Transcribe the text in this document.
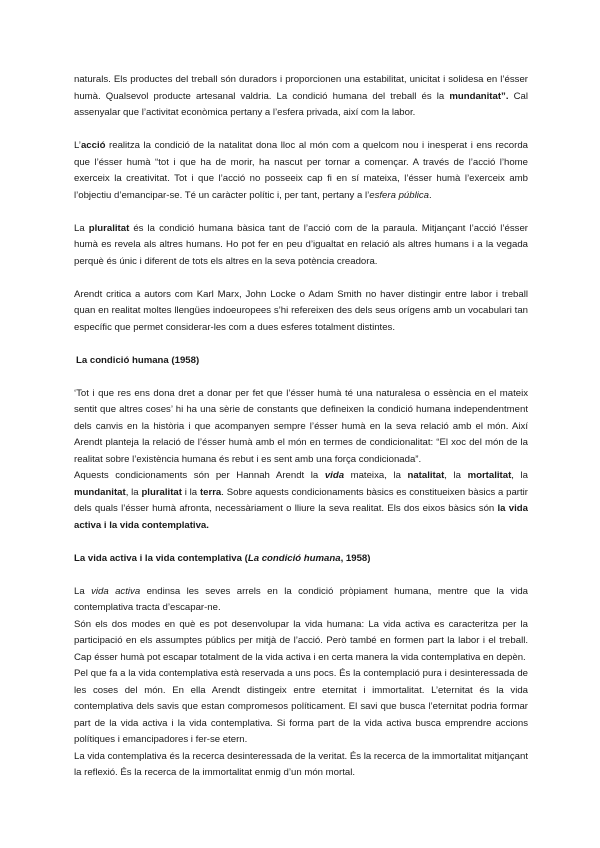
naturals. Els productes del treball són duradors i proporcionen una estabilitat, unicitat i solidesa en l’ésser humà. Qualsevol producte artesanal valdria. La condició humana del treball és la mundanitat”. Cal assenyalar que l’activitat econòmica pertany a l’esfera privada, així com la labor.

L’acció realitza la condició de la natalitat dona lloc al món com a quelcom nou i inesperat i ens recorda que l’ésser humà “tot i que ha de morir, ha nascut per tornar a començar. A través de l’acció l’home exerceix la creativitat. Tot i que l’acció no posseeix cap fi en sí mateixa, l’ésser humà l’exerceix amb l’objectiu d’emancipar-se. Té un caràcter polític i, per tant, pertany a l’esfera pública.

La pluralitat és la condició humana bàsica tant de l’acció com de la paraula. Mitjançant l’acció l’ésser humà es revela als altres humans. Ho pot fer en peu d’igualtat en relació als altres humans i a la vegada perquè és únic i diferent de tots els altres en la seva potència creadora.

Arendt critica a autors com Karl Marx, John Locke o Adam Smith no haver distingir entre labor i treball quan en realitat moltes llengües indoeuropees s’hi refereixen des dels seus orígens amb un vocabulari tan específic que permet considerar-les com a dues esferes totalment distintes.

La condició humana (1958)

‘Tot i que res ens dona dret a donar per fet que l’ésser humà té una naturalesa o essència en el mateix sentit que altres coses’ hi ha una sèrie de constants que defineixen la condició humana independentment dels canvis en la història i que acompanyen sempre l’ésser humà en la seva relació amb el món. Així Arendt planteja la relació de l’ésser humà amb el món en termes de condicionalitat: “El xoc del món de la realitat sobre l’existència humana és rebut i es sent amb una força condicionada”.

Aquests condicionaments són per Hannah Arendt la vida mateixa, la natalitat, la mortalitat, la mundanitat, la pluralitat i la terra. Sobre aquests condicionaments bàsics es constitueixen bàsics a partir dels quals l’ésser humà afronta, necessàriament o lliure la seva realitat. Els dos eixos bàsics són la vida activa i la vida contemplativa.

La vida activa i la vida contemplativa (La condició humana, 1958)

La vida activa endinsa les seves arrels en la condició pròpiament humana, mentre que la vida contemplativa tracta d’escapar-ne.

Són els dos modes en què es pot desenvolupar la vida humana: La vida activa es caracteritza per la participació en els assumptes públics per mitjà de l’acció. Però també en formen part la labor i el treball. Cap ésser humà pot escapar totalment de la vida activa i en certa manera la vida contemplativa en depèn.

Pel que fa a la vida contemplativa està reservada a uns pocs. És la contemplació pura i desinteressada de les coses del món. En ella Arendt distingeix entre eternitat i immortalitat. L’eternitat és la vida contemplativa dels savis que estan compromesos políticament. El savi que busca l’eternitat podria formar part de la vida activa i la vida contemplativa. Si forma part de la vida activa busca emprendre accions polítiques i emancipadores i fer-se etern.

La vida contemplativa és la recerca desinteressada de la veritat. És la recerca de la immortalitat mitjançant la reflexió. És la recerca de la immortalitat enmig d’un món mortal.
